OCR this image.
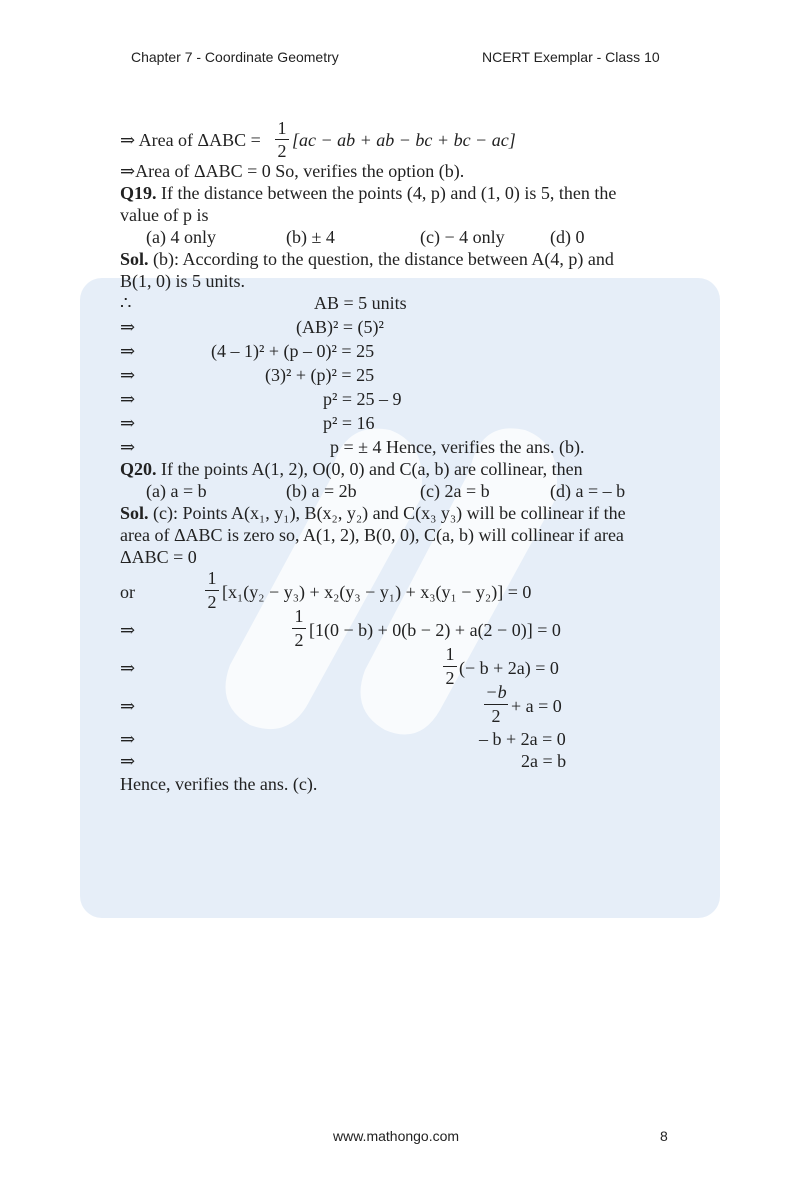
Chapter 7 - Coordinate Geometry	NCERT Exemplar - Class 10
⇒ Area of ΔABC =
1
2
[ac − ab + ab − bc + bc − ac]
⇒Area of ΔABC = 0 So, verifies the option (b).
Q19. If the distance between the points (4, p) and (1, 0) is 5, then the
value of p is
(a) 4 only	(b) ± 4	(c) − 4 only	(d) 0
Sol. (b): According to the question, the distance between A(4, p) and
B(1, 0) is 5 units.
∴	AB = 5 units
⇒	(AB)² = (5)²
⇒	(4 – 1)² + (p – 0)² = 25
⇒	(3)² + (p)² = 25
⇒	p² = 25 – 9
⇒	p² = 16
⇒	p = ± 4 Hence, verifies the ans. (b).
Q20. If the points A(1, 2), O(0, 0) and C(a, b) are collinear, then
(a) a = b	(b) a = 2b	(c) 2a = b	(d) a = – b
Sol. (c): Points A(x₁, y₁), B(x₂, y₂) and C(x₃ y₃) will be collinear if the
area of ΔABC is zero so, A(1, 2), B(0, 0), C(a, b) will collinear if area
ΔABC = 0
or
1
2 [x₁(y₂ − y₃) + x₂(y₃ − y₁) + x₃(y₁ − y₂)] = 0
⇒
1
2 [1(0 − b) + 0(b − 2) + a(2 − 0)] = 0
⇒
1
2 (− b + 2a) = 0
⇒
−b
2 + a = 0
⇒	– b + 2a = 0
⇒	2a = b
Hence, verifies the ans. (c).
www.mathongo.com	8
